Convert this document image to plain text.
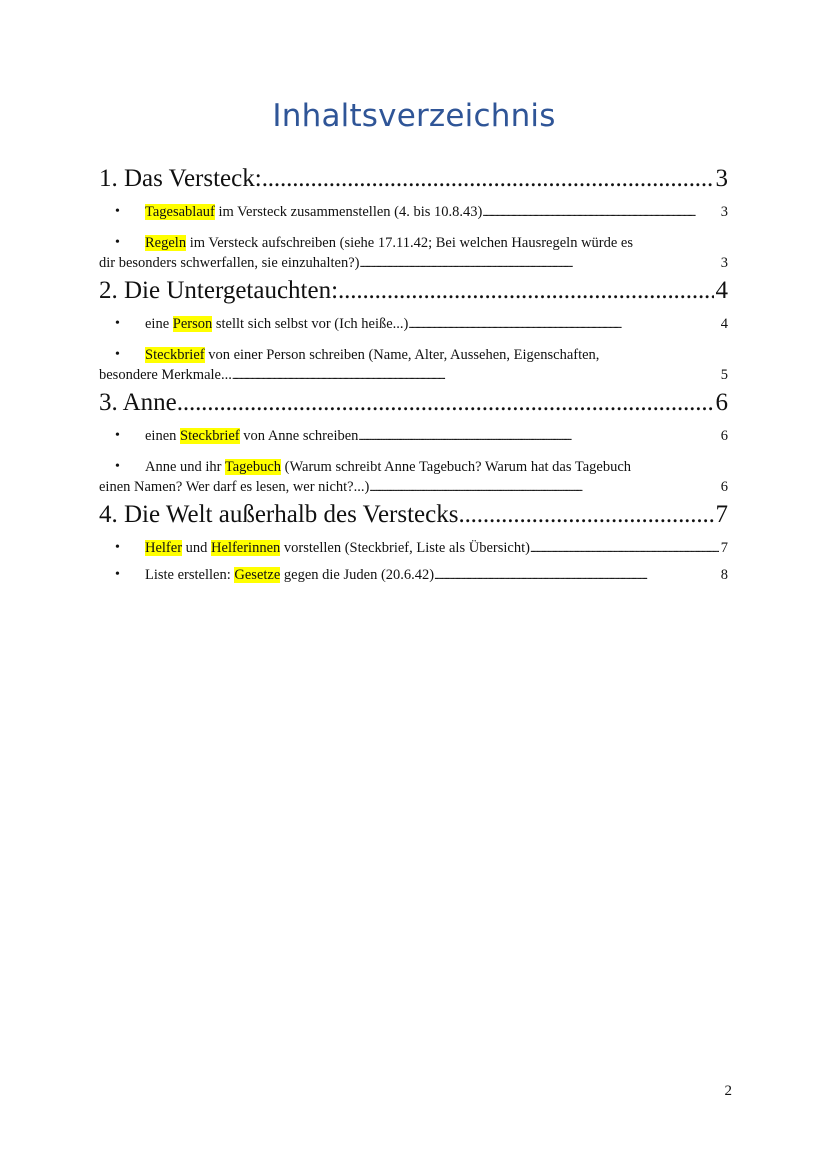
Inhaltsverzeichnis
1. Das Versteck: . . .	3
• Tagesablauf im Versteck zusammenstellen (4. bis 10.8.43) . . .	3
•	Regeln im Versteck aufschreiben (siehe 17.11.42; Bei welchen Hausregeln würde es
dir besonders schwerfallen, sie einzuhalten?) . . .	3
2. Die Untergetauchten: . . .	4
• eine Person stellt sich selbst vor (Ich heiße...) . . .	4
•	Steckbrief von einer Person schreiben (Name, Alter, Aussehen, Eigenschaften,
besondere Merkmale... . . .	5
3. Anne . . .	6
• einen Steckbrief von Anne schreiben . . .	6
•	Anne und ihr Tagebuch (Warum schreibt Anne Tagebuch? Warum hat das Tagebuch
einen Namen? Wer darf es lesen, wer nicht?...) . . .	6
4. Die Welt außerhalb des Verstecks . . .	7
• Helfer und Helferinnen vorstellen (Steckbrief, Liste als Übersicht) . . .	7
• Liste erstellen: Gesetze gegen die Juden (20.6.42) . . .	8
2
